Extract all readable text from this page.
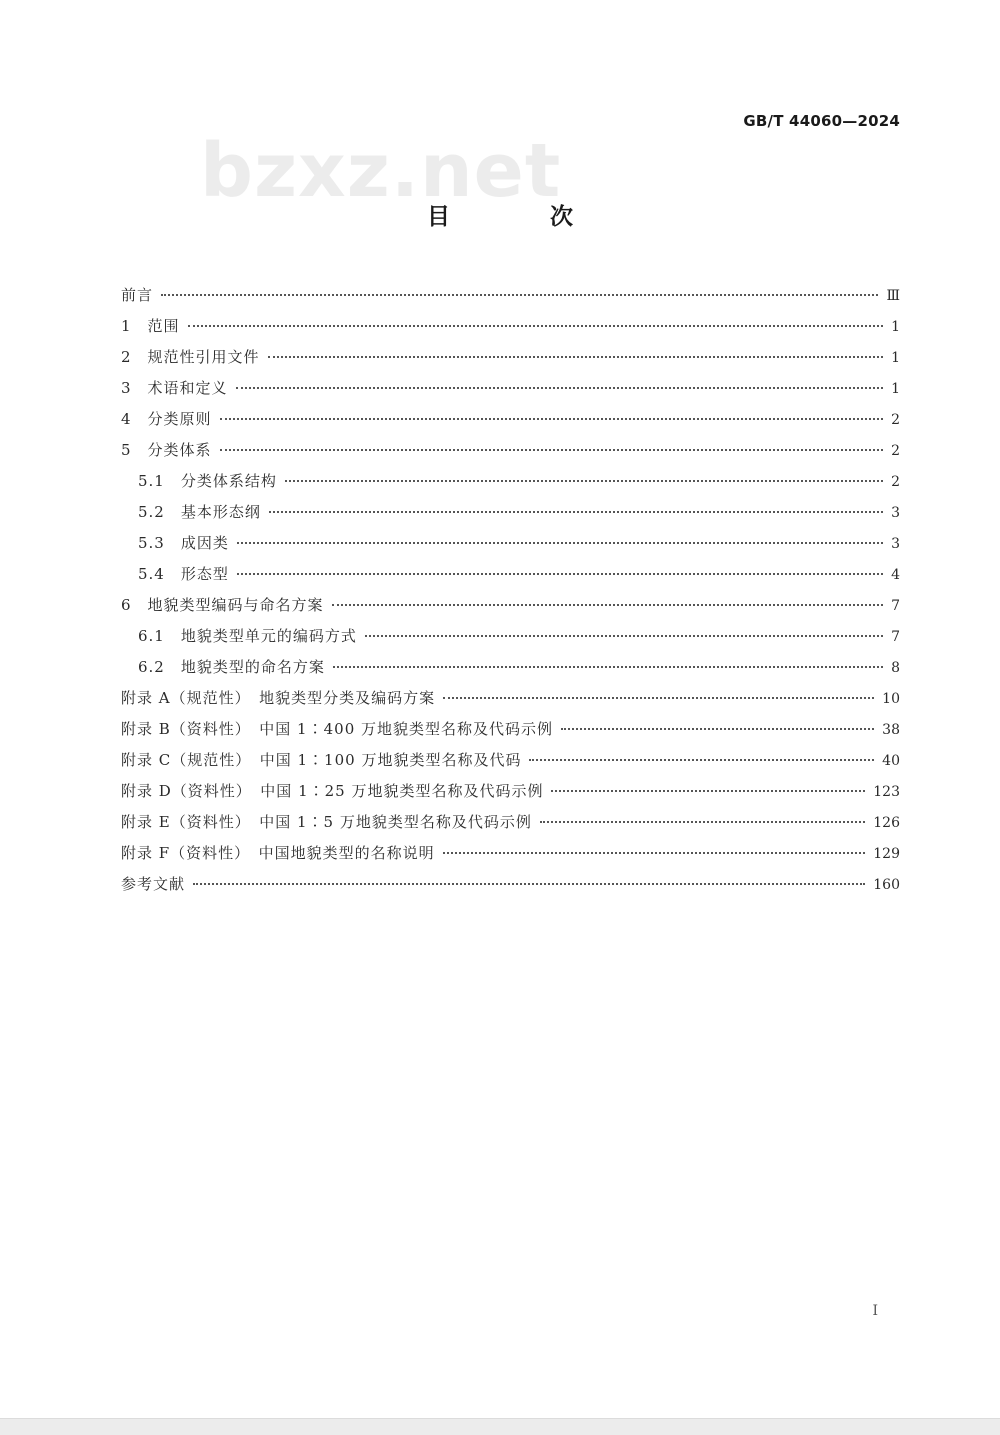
GB/T 44060—2024
bzxz.net
目 次
前言	Ⅲ
1　范围	1
2　规范性引用文件	1
3　术语和定义	1
4　分类原则	2
5　分类体系	2
5.1　分类体系结构	2
5.2　基本形态纲	3
5.3　成因类	3
5.4　形态型	4
6　地貌类型编码与命名方案	7
6.1　地貌类型单元的编码方式	7
6.2　地貌类型的命名方案	8
附录 A（规范性）　地貌类型分类及编码方案	10
附录 B（资料性）　中国 1∶400 万地貌类型名称及代码示例	38
附录 C（规范性）　中国 1∶100 万地貌类型名称及代码	40
附录 D（资料性）　中国 1∶25 万地貌类型名称及代码示例	123
附录 E（资料性）　中国 1∶5 万地貌类型名称及代码示例	126
附录 F（资料性）　中国地貌类型的名称说明	129
参考文献	160
I
